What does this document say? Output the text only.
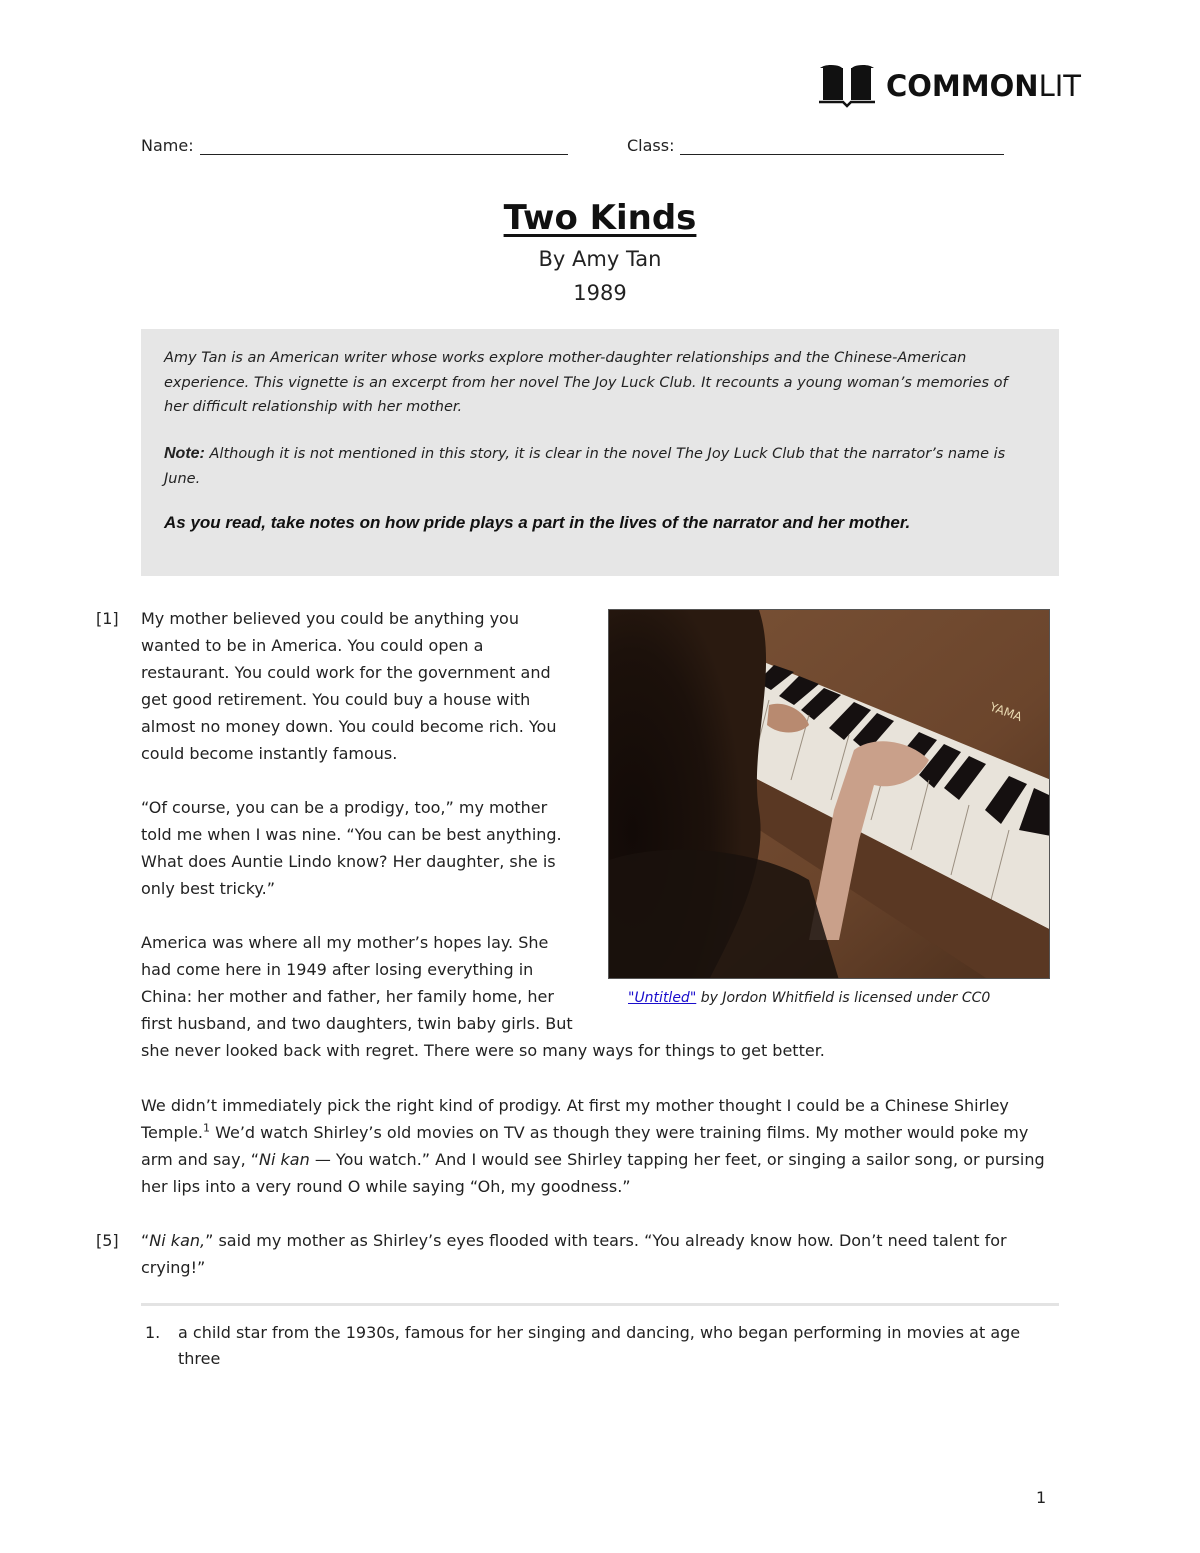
COMMONLIT
Name:	Class:
Two Kinds
By Amy Tan
1989

Amy Tan is an American writer whose works explore mother-daughter relationships and the Chinese-American experience. This vignette is an excerpt from her novel The Joy Luck Club. It recounts a young woman’s memories of her difficult relationship with her mother.

Note: Although it is not mentioned in this story, it is clear in the novel The Joy Luck Club that the narrator’s name is June.

As you read, take notes on how pride plays a part in the lives of the narrator and her mother.

[1] My mother believed you could be anything you
wanted to be in America. You could open a
restaurant. You could work for the government and
get good retirement. You could buy a house with
almost no money down. You could become rich. You
could become instantly famous.
“Of course, you can be a prodigy, too,” my mother
told me when I was nine. “You can be best anything.
What does Auntie Lindo know? Her daughter, she is
only best tricky.”
America was where all my mother’s hopes lay. She
had come here in 1949 after losing everything in
China: her mother and father, her family home, her
first husband, and two daughters, twin baby girls. But
she never looked back with regret. There were so many ways for things to get better.
YAMA
"Untitled" by Jordon Whitfield is licensed under CC0

We didn’t immediately pick the right kind of prodigy. At first my mother thought I could be a Chinese Shirley Temple.$^1$ We’d watch Shirley’s old movies on TV as though they were training films. My mother would poke my arm and say, “Ni kan — You watch.” And I would see Shirley tapping her feet, or singing a sailor song, or pursing her lips into a very round O while saying “Oh, my goodness.”

[5] “Ni kan,” said my mother as Shirley’s eyes flooded with tears. “You already know how. Don’t need talent for crying!”

1. a child star from the 1930s, famous for her singing and dancing, who began performing in movies at age three
1
